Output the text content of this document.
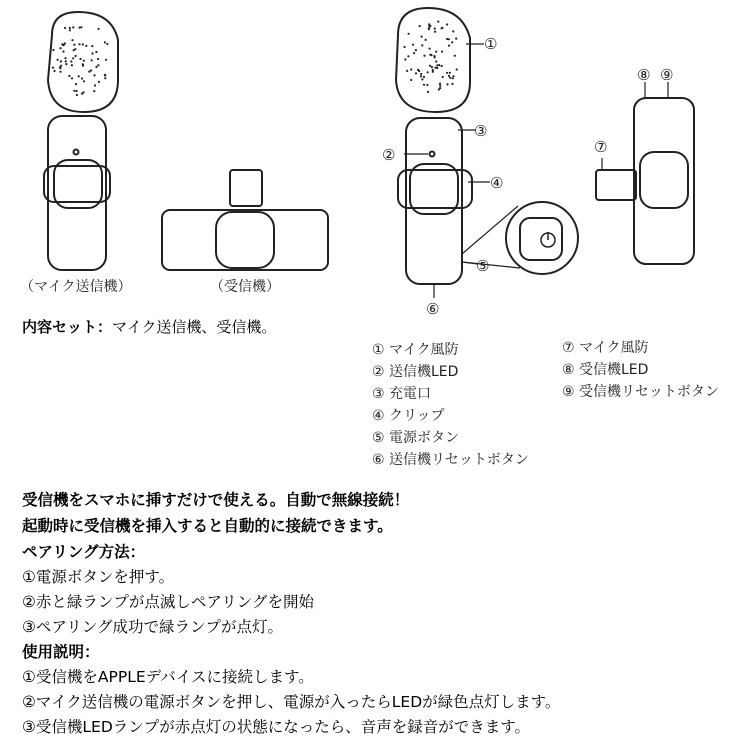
①
②
③
④
⑤
⑥
⑦
⑧ ⑨
（マイク送信機）	（受信機）
内容セット：マイク送信機、受信機。
① マイク風防
② 送信機LED
③ 充電口
④ クリップ
⑤ 電源ボタン
⑥ 送信機リセットボタン
⑦ マイク風防
⑧ 受信機LED
⑨ 受信機リセットボタン
受信機をスマホに挿すだけで使える。自動で無線接続！
起動時に受信機を挿入すると自動的に接続できます。
ペアリング方法：
①電源ボタンを押す。
②赤と緑ランプが点滅しペアリングを開始
③ペアリング成功で緑ランプが点灯。
使用説明：
①受信機をAPPLEデバイスに接続します。
②マイク送信機の電源ボタンを押し、電源が入ったらLEDが緑色点灯します。
③受信機LEDランプが赤点灯の状態になったら、音声を録音ができます。
